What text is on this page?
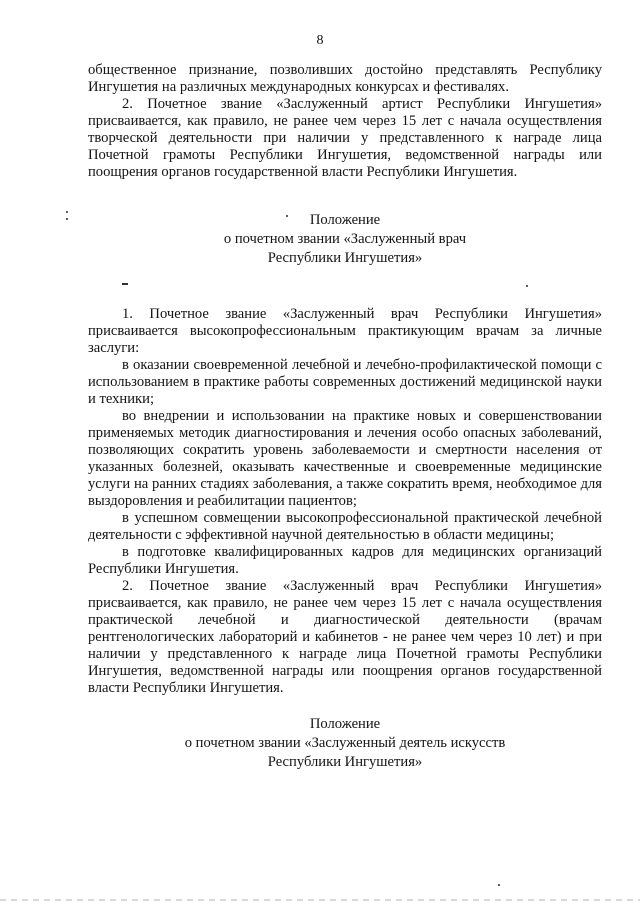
8

общественное признание, позволивших достойно представлять Республику Ингушетия на различных международных конкурсах и фестивалях.

2. Почетное звание «Заслуженный артист Республики Ингушетия» присваивается, как правило, не ранее чем через 15 лет с начала осуществления творческой деятельности при наличии у представленного к награде лица Почетной грамоты Республики Ингушетия, ведомственной награды или поощрения органов государственной власти Республики Ингушетия.

Положение
о почетном звании «Заслуженный врач
Республики Ингушетия»

1. Почетное звание «Заслуженный врач Республики Ингушетия» присваивается высокопрофессиональным практикующим врачам за личные заслуги:

в оказании своевременной лечебной и лечебно-профилактической помощи с использованием в практике работы современных достижений медицинской науки и техники;

во внедрении и использовании на практике новых и совершенствовании применяемых методик диагностирования и лечения особо опасных заболеваний, позволяющих сократить уровень заболеваемости и смертности населения от указанных болезней, оказывать качественные и своевременные медицинские услуги на ранних стадиях заболевания, а также сократить время, необходимое для выздоровления и реабилитации пациентов;

в успешном совмещении высокопрофессиональной практической лечебной деятельности с эффективной научной деятельностью в области медицины;

в подготовке квалифицированных кадров для медицинских организаций Республики Ингушетия.

2. Почетное звание «Заслуженный врач Республики Ингушетия» присваивается, как правило, не ранее чем через 15 лет с начала осуществления практической лечебной и диагностической деятельности (врачам рентгенологических лабораторий и кабинетов - не ранее чем через 10 лет) и при наличии у представленного к награде лица Почетной грамоты Республики Ингушетия, ведомственной награды или поощрения органов государственной власти Республики Ингушетия.

Положение
о почетном звании «Заслуженный деятель искусств
Республики Ингушетия»
